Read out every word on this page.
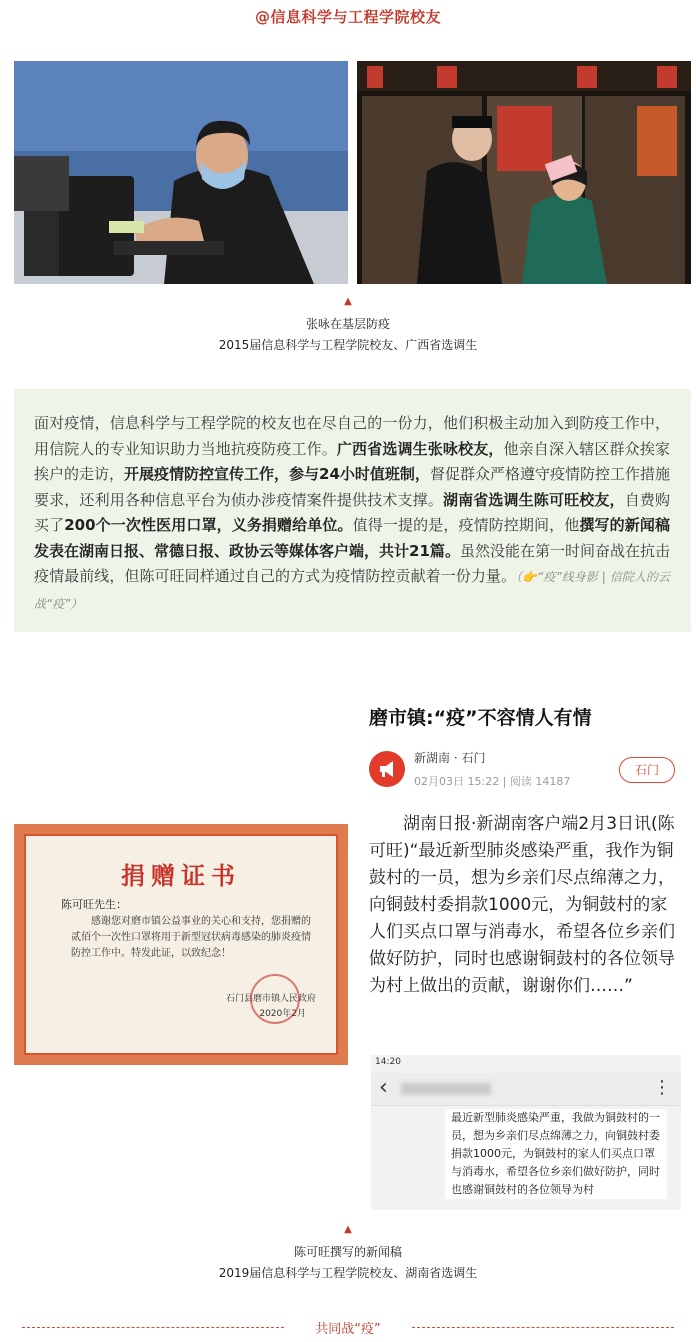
@信息科学与工程学院校友
▲
张咏在基层防疫
2015届信息科学与工程学院校友、广西省选调生
面对疫情，信息科学与工程学院的校友也在尽自己的一份力，他们积极主动加入到防疫工作中，用信院人的专业知识助力当地抗疫防疫工作。广西省选调生张咏校友，他亲自深入辖区群众挨家挨户的走访，开展疫情防控宣传工作，参与24小时值班制，督促群众严格遵守疫情防控工作措施要求，还利用各种信息平台为侦办涉疫情案件提供技术支撑。湖南省选调生陈可旺校友，自费购买了200个一次性医用口罩，义务捐赠给单位。值得一提的是，疫情防控期间，他撰写的新闻稿发表在湖南日报、常德日报、政协云等媒体客户端，共计21篇。虽然没能在第一时间奋战在抗击疫情最前线，但陈可旺同样通过自己的方式为疫情防控贡献着一份力量。（👉“疫”线身影 | 信院人的云战“疫”）
捐赠证书
陈可旺先生：
感谢您对磨市镇公益事业的关心和支持，您捐赠的贰佰个一次性口罩将用于新型冠状病毒感染的肺炎疫情防控工作中。特发此证，以致纪念！
石门县磨市镇人民政府
2020年2月
磨市镇:“疫”不容情人有情
新湖南 · 石门
02月03日 15:22 | 阅读 14187
石门
湖南日报·新湖南客户端2月3日讯(陈可旺)“最近新型肺炎感染严重，我作为铜鼓村的一员，想为乡亲们尽点绵薄之力，向铜鼓村委捐款1000元，为铜鼓村的家人们买点口罩与消毒水，希望各位乡亲们做好防护，同时也感谢铜鼓村的各位领导为村上做出的贡献，谢谢你们……”
14:20
‹	⋮
最近新型肺炎感染严重，我做为铜鼓村的一员，想为乡亲们尽点绵薄之力，向铜鼓村委捐款1000元，为铜鼓村的家人们买点口罩与消毒水，希望各位乡亲们做好防护，同时也感谢铜鼓村的各位领导为村
▲
陈可旺撰写的新闻稿
2019届信息科学与工程学院校友、湖南省选调生
共同战“疫”
